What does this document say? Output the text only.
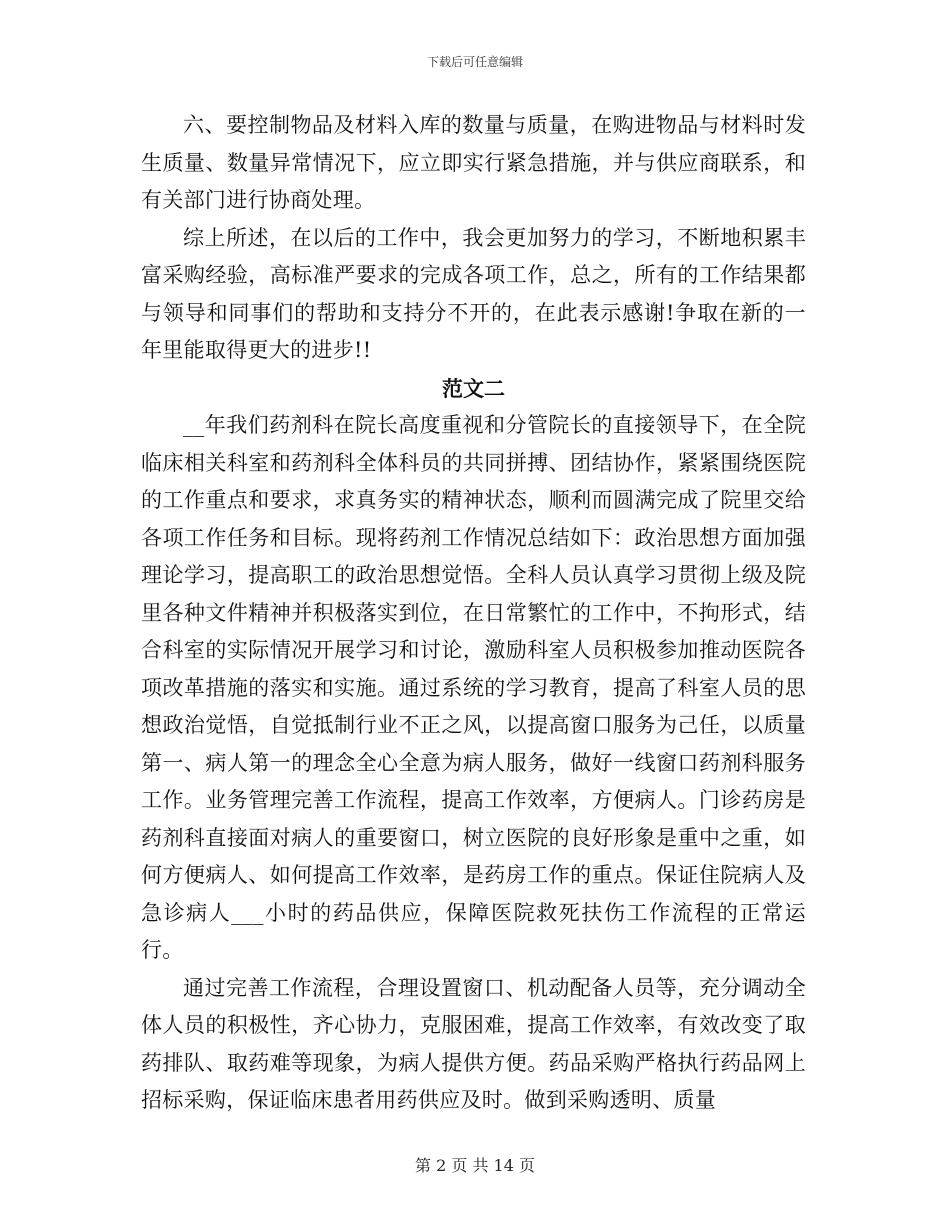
下载后可任意编辑

六、要控制物品及材料入库的数量与质量，在购进物品与材料时发生质量、数量异常情况下，应立即实行紧急措施，并与供应商联系，和有关部门进行协商处理。

综上所述，在以后的工作中，我会更加努力的学习，不断地积累丰富采购经验，高标准严要求的完成各项工作，总之，所有的工作结果都与领导和同事们的帮助和支持分不开的，在此表示感谢!争取在新的一年里能取得更大的进步!!

范文二

__年我们药剂科在院长高度重视和分管院长的直接领导下，在全院临床相关科室和药剂科全体科员的共同拼搏、团结协作，紧紧围绕医院的工作重点和要求，求真务实的精神状态，顺利而圆满完成了院里交给各项工作任务和目标。现将药剂工作情况总结如下：政治思想方面加强理论学习，提高职工的政治思想觉悟。全科人员认真学习贯彻上级及院里各种文件精神并积极落实到位，在日常繁忙的工作中，不拘形式，结合科室的实际情况开展学习和讨论，激励科室人员积极参加推动医院各项改革措施的落实和实施。通过系统的学习教育，提高了科室人员的思想政治觉悟，自觉抵制行业不正之风，以提高窗口服务为己任，以质量第一、病人第一的理念全心全意为病人服务，做好一线窗口药剂科服务工作。业务管理完善工作流程，提高工作效率，方便病人。门诊药房是药剂科直接面对病人的重要窗口，树立医院的良好形象是重中之重，如何方便病人、如何提高工作效率，是药房工作的重点。保证住院病人及急诊病人___小时的药品供应，保障医院救死扶伤工作流程的正常运行。

通过完善工作流程，合理设置窗口、机动配备人员等，充分调动全体人员的积极性，齐心协力，克服困难，提高工作效率，有效改变了取药排队、取药难等现象，为病人提供方便。药品采购严格执行药品网上招标采购，保证临床患者用药供应及时。做到采购透明、质量

第 2 页 共 14 页
